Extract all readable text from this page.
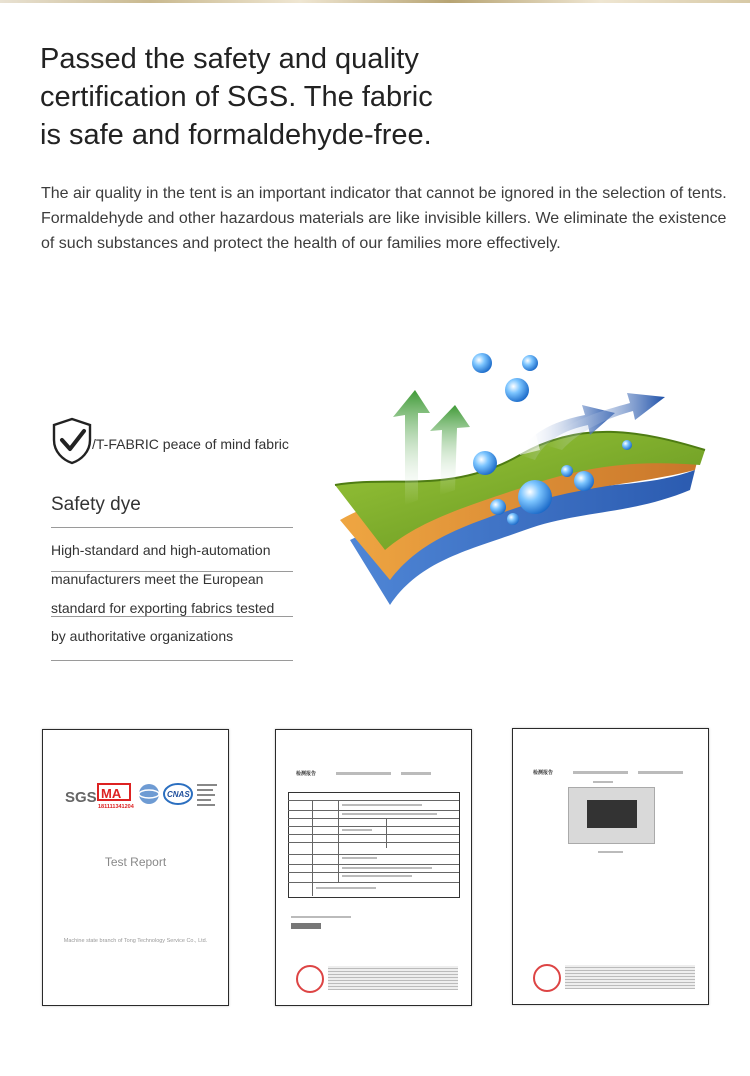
Passed the safety and quality
certification of SGS. The fabric
is safe and formaldehyde-free.

The air quality in the tent is an important indicator that cannot be ignored in the selection of tents. Formaldehyde and other hazardous materials are like invisible killers. We eliminate the existence of such substances and protect the health of our families more effectively.

/T-FABRIC peace of mind fabric
Safety dye
High-standard and high-automation
manufacturers meet the European
standard for exporting fabrics tested
by authoritative organizations
SGS MA
181111341204
CNAS
Test Report
Machine state branch of Tong Technology Service Co., Ltd.
检测报告	检测报告
